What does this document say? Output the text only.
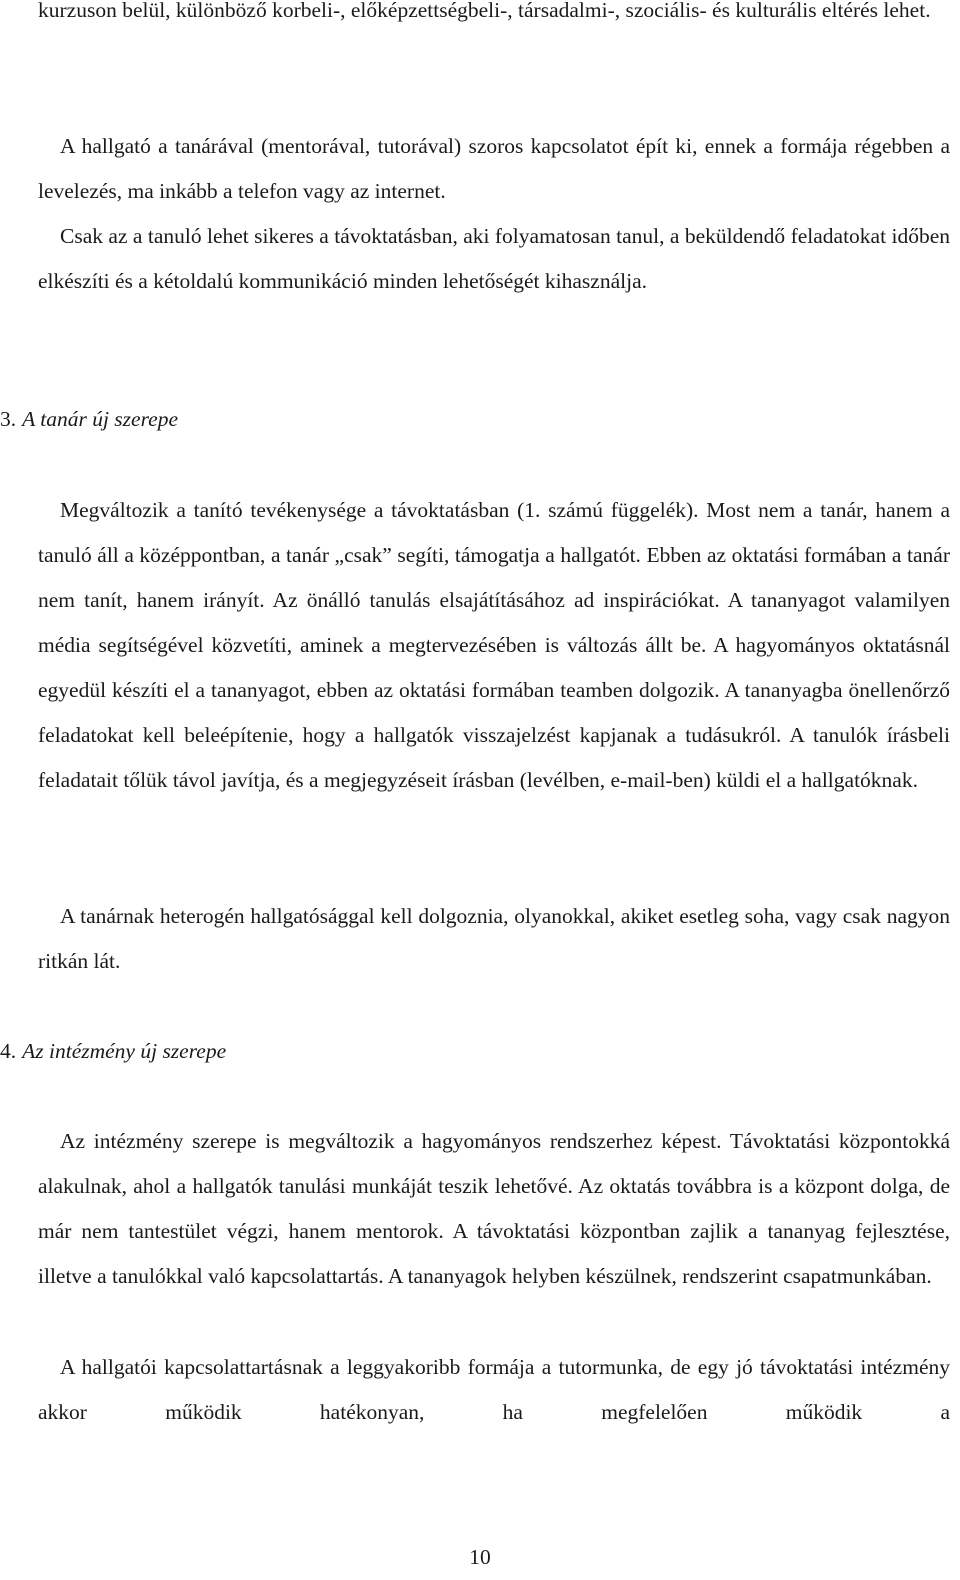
kurzuson belül, különböző korbeli-, előképzettségbeli-, társadalmi-, szociális- és kulturális eltérés lehet.

A hallgató a tanárával (mentorával, tutorával) szoros kapcsolatot épít ki, ennek a formája régebben a levelezés, ma inkább a telefon vagy az internet.

Csak az a tanuló lehet sikeres a távoktatásban, aki folyamatosan tanul, a beküldendő feladatokat időben elkészíti és a kétoldalú kommunikáció minden lehetőségét kihasználja.

3. A tanár új szerepe

Megváltozik a tanító tevékenysége a távoktatásban (1. számú függelék). Most nem a tanár, hanem a tanuló áll a középpontban, a tanár „csak” segíti, támogatja a hallgatót. Ebben az oktatási formában a tanár nem tanít, hanem irányít. Az önálló tanulás elsajátításához ad inspirációkat. A tananyagot valamilyen média segítségével közvetíti, aminek a megtervezésében is változás állt be. A hagyományos oktatásnál egyedül készíti el a tananyagot, ebben az oktatási formában teamben dolgozik. A tananyagba önellenőrző feladatokat kell beleépítenie, hogy a hallgatók visszajelzést kapjanak a tudásukról. A tanulók írásbeli feladatait tőlük távol javítja, és a megjegyzéseit írásban (levélben, e-mail-ben) küldi el a hallgatóknak.

A tanárnak heterogén hallgatósággal kell dolgoznia, olyanokkal, akiket esetleg soha, vagy csak nagyon ritkán lát.

4. Az intézmény új szerepe

Az intézmény szerepe is megváltozik a hagyományos rendszerhez képest. Távoktatási központokká alakulnak, ahol a hallgatók tanulási munkáját teszik lehetővé. Az oktatás továbbra is a központ dolga, de már nem tantestület végzi, hanem mentorok. A távoktatási központban zajlik a tananyag fejlesztése, illetve a tanulókkal való kapcsolattartás. A tananyagok helyben készülnek, rendszerint csapatmunkában.

A hallgatói kapcsolattartásnak a leggyakoribb formája a tutormunka, de egy jó távoktatási intézmény akkor működik hatékonyan, ha megfelelően működik a

10
